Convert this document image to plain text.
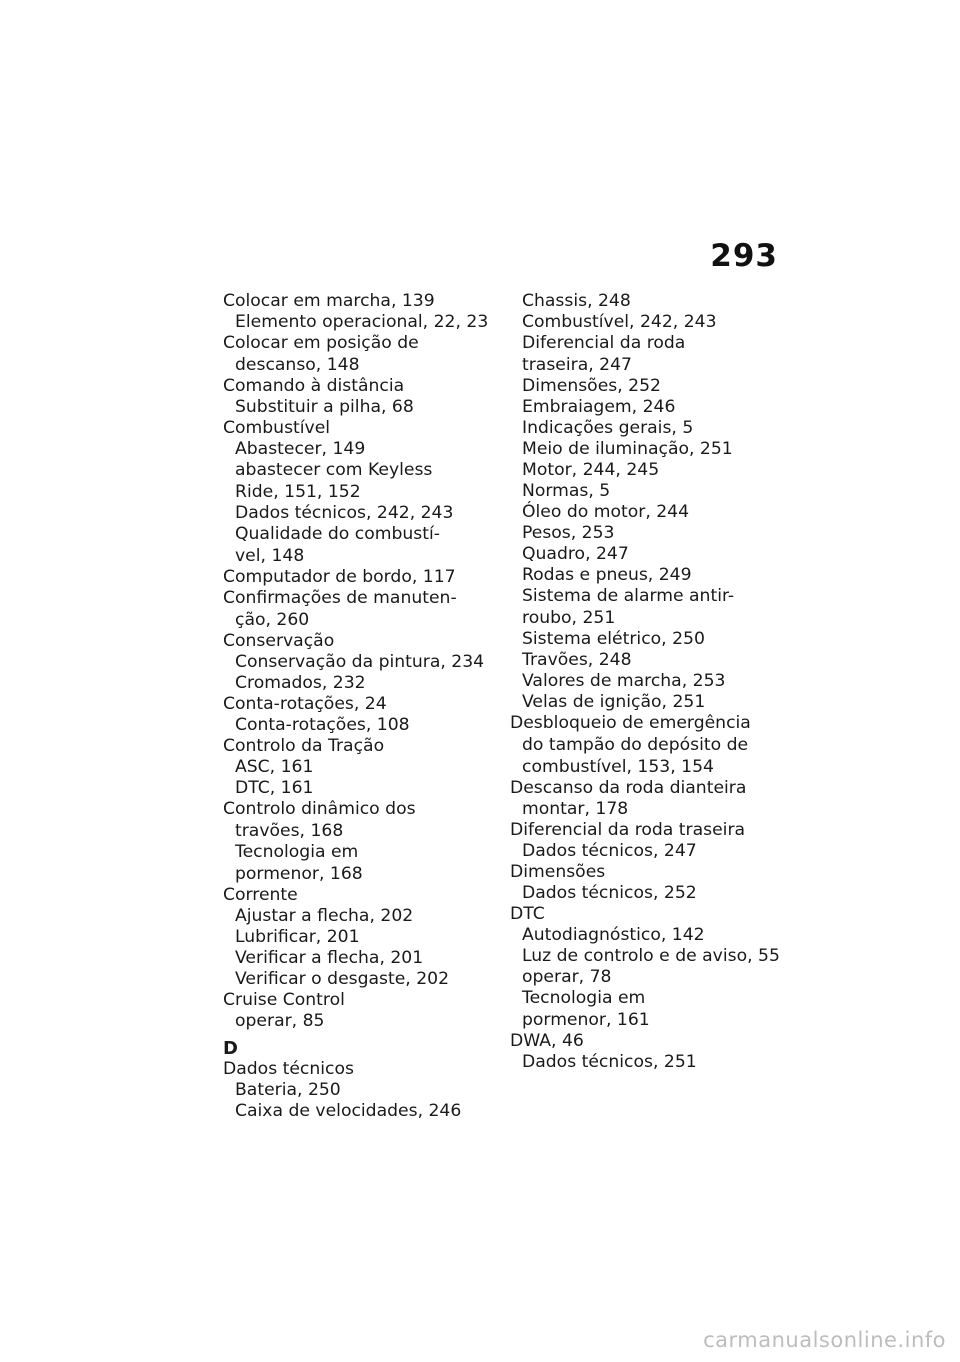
293
Colocar em marcha, 139
Elemento operacional, 22, 23
Colocar em posição de
descanso, 148
Comando à distância
Substituir a pilha, 68
Combustível
Abastecer, 149
abastecer com Keyless
Ride, 151, 152
Dados técnicos, 242, 243
Qualidade do combustí-
vel, 148
Computador de bordo, 117
Confirmações de manuten-
ção, 260
Conservação
Conservação da pintura, 234
Cromados, 232
Conta-rotações, 24
Conta-rotações, 108
Controlo da Tração
ASC, 161
DTC, 161
Controlo dinâmico dos
travões, 168
Tecnologia em
pormenor, 168
Corrente
Ajustar a flecha, 202
Lubrificar, 201
Verificar a flecha, 201
Verificar o desgaste, 202
Cruise Control
operar, 85
D
Dados técnicos
Bateria, 250
Caixa de velocidades, 246
Chassis, 248
Combustível, 242, 243
Diferencial da roda
traseira, 247
Dimensões, 252
Embraiagem, 246
Indicações gerais, 5
Meio de iluminação, 251
Motor, 244, 245
Normas, 5
Óleo do motor, 244
Pesos, 253
Quadro, 247
Rodas e pneus, 249
Sistema de alarme antir-
roubo, 251
Sistema elétrico, 250
Travões, 248
Valores de marcha, 253
Velas de ignição, 251
Desbloqueio de emergência
do tampão do depósito de
combustível, 153, 154
Descanso da roda dianteira
montar, 178
Diferencial da roda traseira
Dados técnicos, 247
Dimensões
Dados técnicos, 252
DTC
Autodiagnóstico, 142
Luz de controlo e de aviso, 55
operar, 78
Tecnologia em
pormenor, 161
DWA, 46
Dados técnicos, 251
carmanualsonline.info
